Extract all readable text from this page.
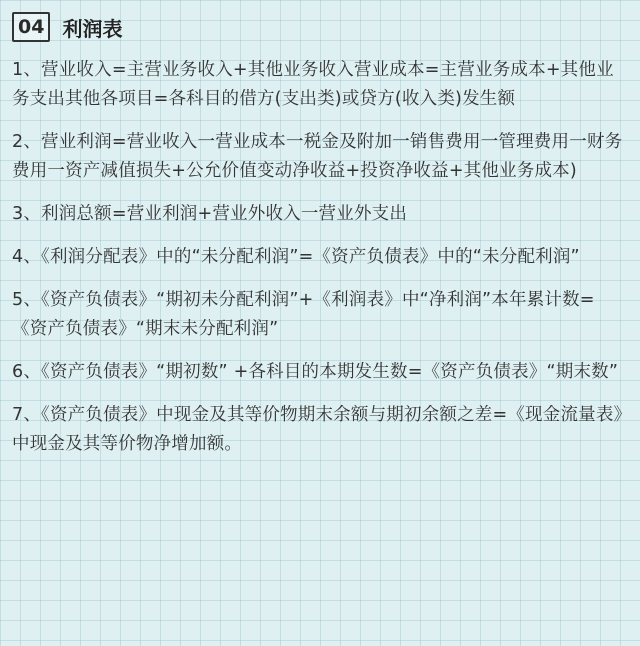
04 利润表
1、营业收入=主营业务收入+其他业务收入营业成本=主营业务成本+其他业务支出其他各项目=各科目的借方(支出类)或贷方(收入类)发生额
2、营业利润=营业收入一营业成本一税金及附加一销售费用一管理费用一财务费用一资产减值损失+公允价值变动净收益+投资净收益+其他业务成本)
3、利润总额=营业利润+营业外收入一营业外支出
4、《利润分配表》中的“未分配利润”=《资产负债表》中的“未分配利润”
5、《资产负债表》“期初未分配利润”+《利润表》中“净利润”本年累计数=《资产负债表》“期末未分配利润”
6、《资产负债表》“期初数” +各科目的本期发生数=《资产负债表》“期末数”
7、《资产负债表》中现金及其等价物期末余额与期初余额之差=《现金流量表》中现金及其等价物净增加额。
